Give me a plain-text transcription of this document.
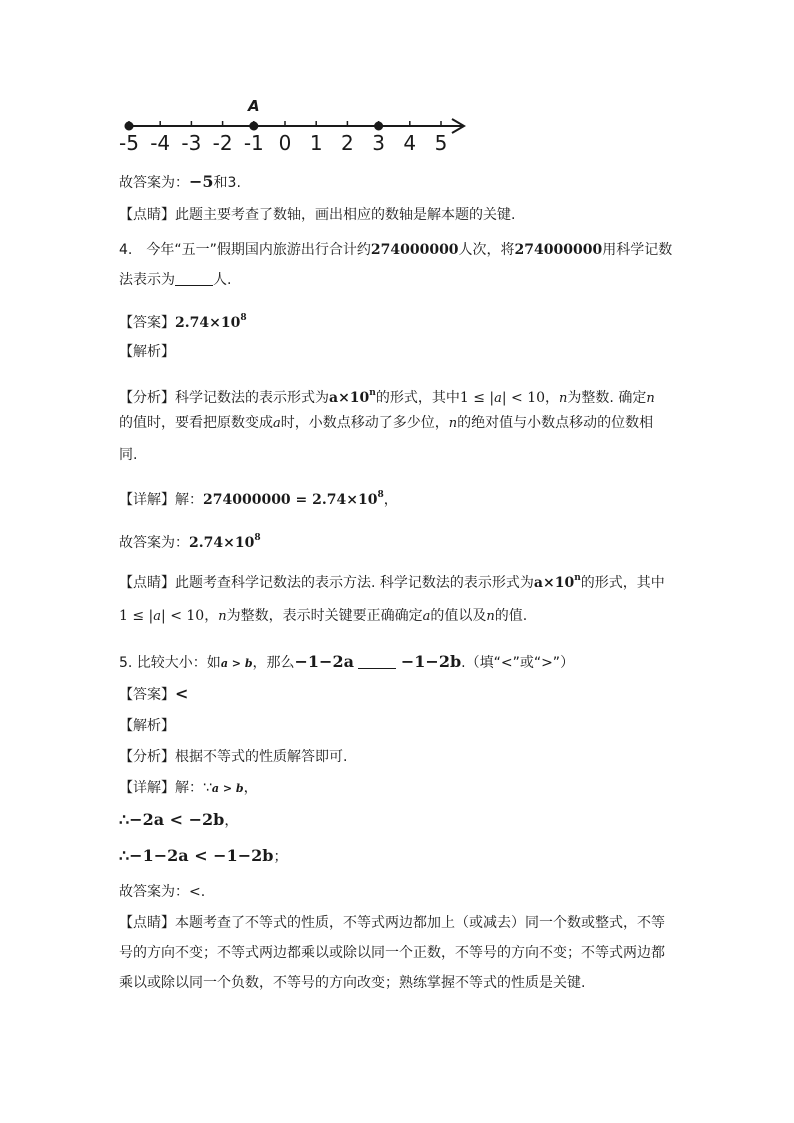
-5 -4 -3 -2 -1 0 1 2 3 4 5
A
故答案为：−5和3.
【点睛】此题主要考查了数轴，画出相应的数轴是解本题的关键.
4.　今年“五一”假期国内旅游出行合计约274000000人次，将274000000用科学记数
法表示为	人.
【答案】$2.74\times 10^8$
【解析】
【分析】科学记数法的表示形式为$a\times 10^n$的形式，其中1 ≤ |a| < 10，n为整数. 确定n
的值时，要看把原数变成a时，小数点移动了多少位，n的绝对值与小数点移动的位数相
同.
【详解】解：$274000000 = 2.74\times 10^8$，
故答案为：$2.74\times 10^8$
【点睛】此题考查科学记数法的表示方法. 科学记数法的表示形式为$a\times 10^n$的形式，其中
1 ≤ |a| < 10，n为整数，表示时关键要正确确定a的值以及n的值.
5. 比较大小：如a > b，那么−1−2a	−1−2b.（填“<”或“>”）
【答案】<
【解析】
【分析】根据不等式的性质解答即可.
【详解】解：∵a > b，
∴−2a < −2b，
∴−1−2a < −1−2b；
故答案为：<.
【点睛】本题考查了不等式的性质，不等式两边都加上（或减去）同一个数或整式，不等
号的方向不变；不等式两边都乘以或除以同一个正数，不等号的方向不变；不等式两边都
乘以或除以同一个负数，不等号的方向改变；熟练掌握不等式的性质是关键.
